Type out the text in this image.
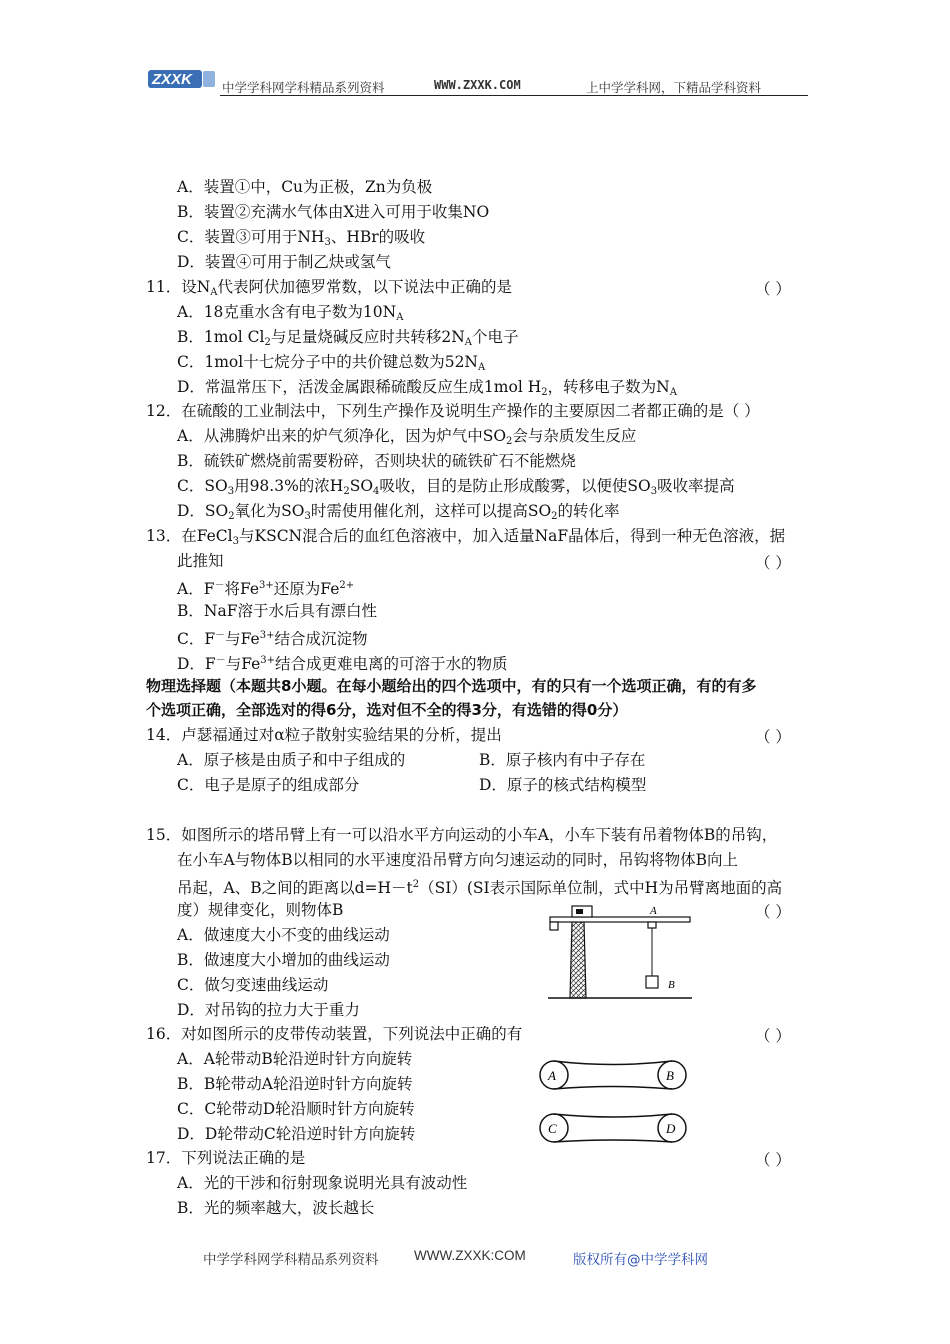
ZXXK 中学学科网学科精品系列资料	WWW.ZXXK.COM	上中学学科网，下精品学科资料
A．装置①中，Cu为正极，Zn为负极
B．装置②充满水气体由X进入可用于收集NO
C．装置③可用于$NH_3$、HBr的吸收
D．装置④可用于制乙炔或氢气
11．设$N_A$代表阿伏加德罗常数，以下说法中正确的是	（ ）
A．18克重水含有电子数为$10N_A$
B．1mol $Cl_2$与足量烧碱反应时共转移$2N_A$个电子
C．1mol十七烷分子中的共价键总数为$52N_A$
D．常温常压下，活泼金属跟稀硫酸反应生成1mol $H_2$，转移电子数为$N_A$
12．在硫酸的工业制法中，下列生产操作及说明生产操作的主要原因二者都正确的是（ ）
A．从沸腾炉出来的炉气须净化，因为炉气中$SO_2$会与杂质发生反应
B．硫铁矿燃烧前需要粉碎，否则块状的硫铁矿石不能燃烧
C．$SO_3$用98.3%的浓$H_2SO_4$吸收，目的是防止形成酸雾，以便使$SO_3$吸收率提高
D．$SO_2$氧化为$SO_3$时需使用催化剂，这样可以提高$SO_2$的转化率
13．在FeCl$_3$与KSCN混合后的血红色溶液中，加入适量NaF晶体后，得到一种无色溶液，据
此推知	（ ）
A．F－将$Fe^{3+}$还原为$Fe^{2+}$
B．NaF溶于水后具有漂白性
C．F－与$Fe^{3+}$结合成沉淀物
D．F－与$Fe^{3+}$结合成更难电离的可溶于水的物质
物理选择题（本题共8小题。在每小题给出的四个选项中，有的只有一个选项正确，有的有多
个选项正确，全部选对的得6分，选对但不全的得3分，有选错的得0分）
14．卢瑟福通过对α粒子散射实验结果的分析，提出	（ ）
A．原子核是由质子和中子组成的	B．原子核内有中子存在
C．电子是原子的组成部分	D．原子的核式结构模型
15．如图所示的塔吊臂上有一可以沿水平方向运动的小车A，小车下装有吊着物体B的吊钩，
在小车A与物体B以相同的水平速度沿吊臂方向匀速运动的同时，吊钩将物体B向上
吊起，A、B之间的距离以$d=H-t^2(SI)(SI$表示国际单位制，式中H为吊臂离地面的高
度）规律变化，则物体B	（ ）
A．做速度大小不变的曲线运动
B．做速度大小增加的曲线运动
C．做匀变速曲线运动
D．对吊钩的拉力大于重力
A
B
16．对如图所示的皮带传动装置，下列说法中正确的有	（ ）
A．A轮带动B轮沿逆时针方向旋转
B．B轮带动A轮沿逆时针方向旋转
C．C轮带动D轮沿顺时针方向旋转
D．D轮带动C轮沿逆时针方向旋转
A	B
C	D
17．下列说法正确的是	（ ）
A．光的干涉和衍射现象说明光具有波动性
B．光的频率越大，波长越长
中学学科网学科精品系列资料	WWW.ZXXK:COM	版权所有@中学学科网
